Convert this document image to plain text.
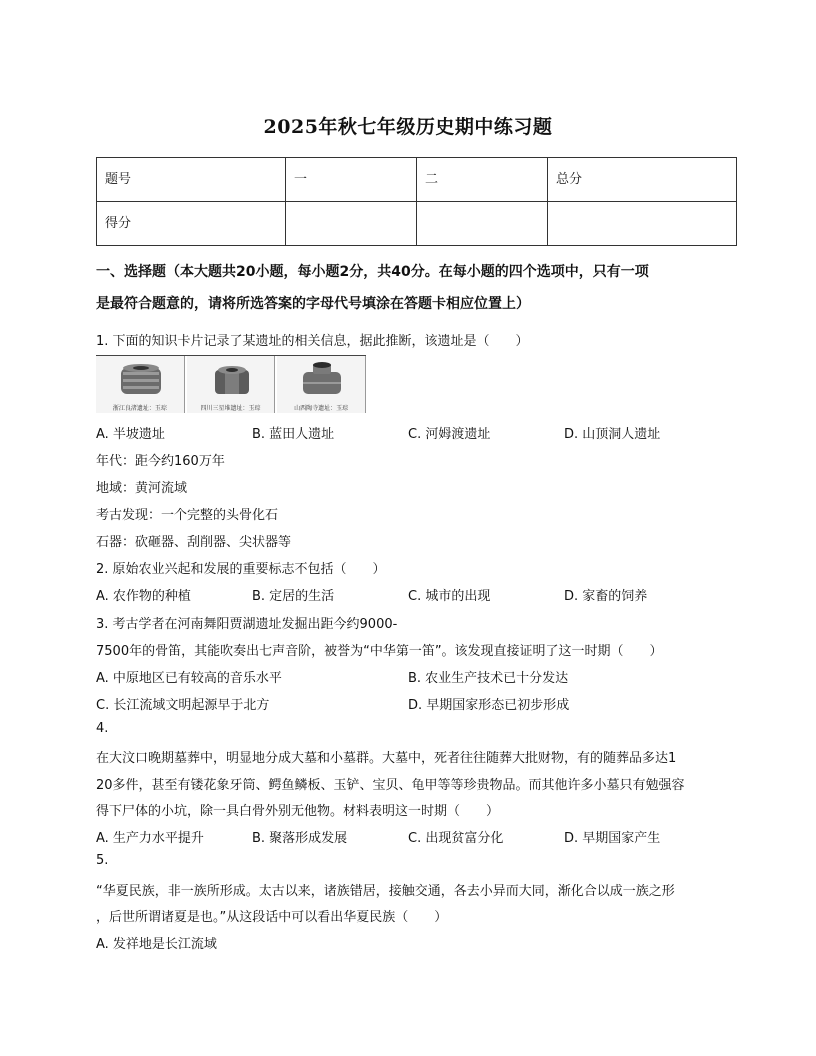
2025年秋七年级历史期中练习题
题号	一	二	总分
得分			
一、选择题（本大题共20小题，每小题2分，共40分。在每小题的四个选项中，只有一项
是最符合题意的，请将所选答案的字母代号填涂在答题卡相应位置上）
1. 下面的知识卡片记录了某遗址的相关信息，据此推断，该遗址是（　　）
浙江良渚遗址：玉琮	四川三星堆遗址：玉琮	山西陶寺遗址：玉琮
A. 半坡遗址	B. 蓝田人遗址	C. 河姆渡遗址	D. 山顶洞人遗址
年代：距今约160万年
地域：黄河流域
考古发现：一个完整的头骨化石
石器：砍砸器、刮削器、尖状器等
2. 原始农业兴起和发展的重要标志不包括（　　）
A. 农作物的种植	B. 定居的生活	C. 城市的出现	D. 家畜的饲养
3. 考古学者在河南舞阳贾湖遗址发掘出距今约9000-
7500年的骨笛，其能吹奏出七声音阶，被誉为“中华第一笛”。该发现直接证明了这一时期（　　）
A. 中原地区已有较高的音乐水平	B. 农业生产技术已十分发达
C. 长江流域文明起源早于北方	D. 早期国家形态已初步形成
4.
在大汶口晚期墓葬中，明显地分成大墓和小墓群。大墓中，死者往往随葬大批财物，有的随葬品多达1
20多件，甚至有镂花象牙筒、鳄鱼鳞板、玉铲、宝贝、龟甲等等珍贵物品。而其他许多小墓只有勉强容
得下尸体的小坑，除一具白骨外别无他物。材料表明这一时期（　　）
A. 生产力水平提升	B. 聚落形成发展	C. 出现贫富分化	D. 早期国家产生
5.
“华夏民族，非一族所形成。太古以来，诸族错居，接触交通，各去小异而大同，渐化合以成一族之形
，后世所谓诸夏是也。”从这段话中可以看出华夏民族（　　）
A. 发祥地是长江流域
